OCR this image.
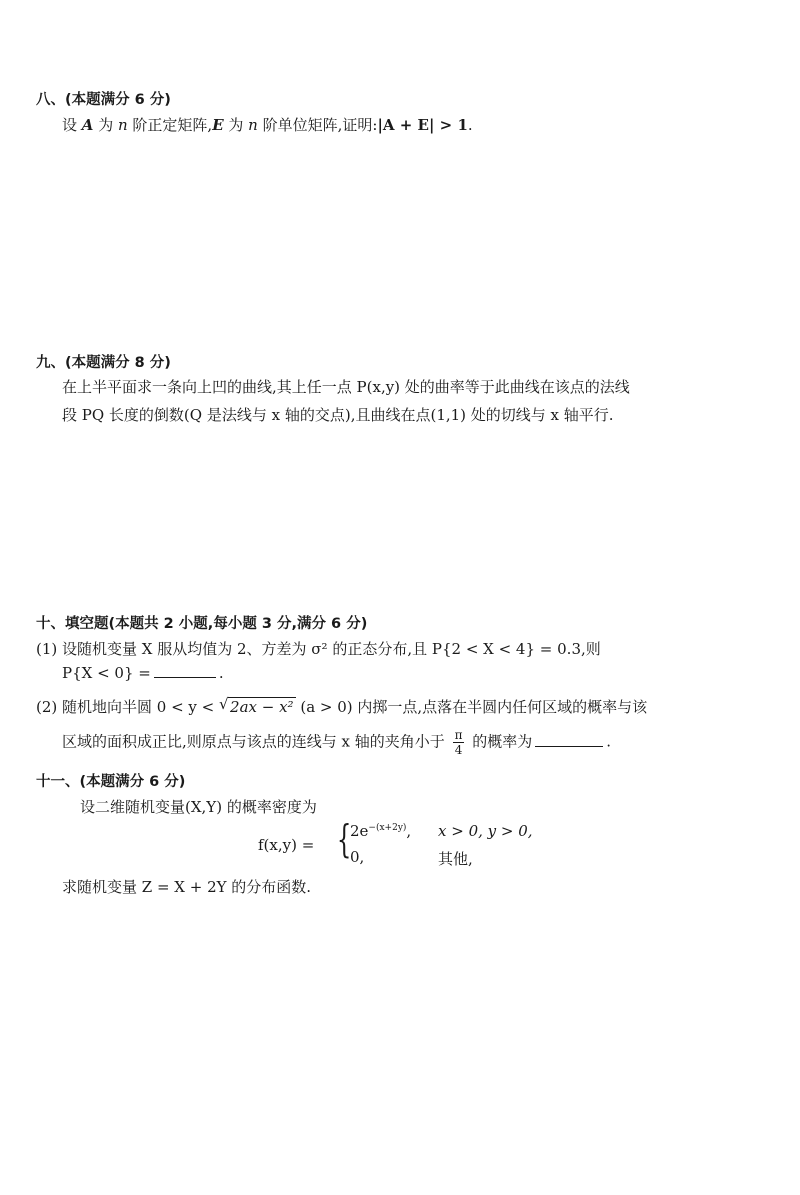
八、(本题满分 6 分)
设 A 为 n 阶正定矩阵,E 为 n 阶单位矩阵,证明:|A + E| > 1.
九、(本题满分 8 分)
在上半平面求一条向上凹的曲线,其上任一点 P(x,y) 处的曲率等于此曲线在该点的法线
段 PQ 长度的倒数(Q 是法线与 x 轴的交点),且曲线在点(1,1) 处的切线与 x 轴平行.
十、填空题(本题共 2 小题,每小题 3 分,满分 6 分)
(1) 设随机变量 X 服从均值为 2、方差为 σ² 的正态分布,且 P{2 < X < 4} = 0.3,则
P{X < 0} =	.
(2) 随机地向半圆 0 < y < √ 2ax − x² (a > 0) 内掷一点,点落在半圆内任何区域的概率与该
区域的面积成正比,则原点与该点的连线与 x 轴的夹角小于 $\frac{\pi}{4}$ 的概率为	.
十一、(本题满分 6 分)
设二维随机变量(X,Y) 的概率密度为
f(x,y) = {
$2e^{-(x+2y)}$, x > 0, y > 0,
0,	其他,
求随机变量 Z = X + 2Y 的分布函数.
